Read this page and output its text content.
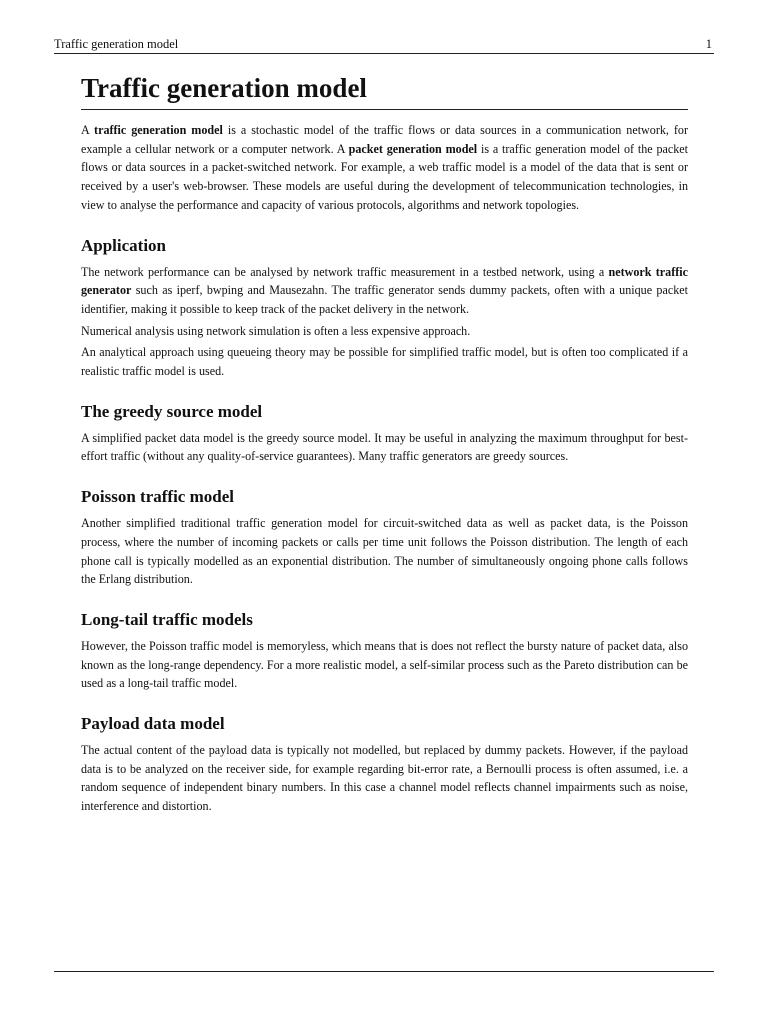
Traffic generation model	1
Traffic generation model

A traffic generation model is a stochastic model of the traffic flows or data sources in a communication network, for example a cellular network or a computer network. A packet generation model is a traffic generation model of the packet flows or data sources in a packet-switched network. For example, a web traffic model is a model of the data that is sent or received by a user's web-browser. These models are useful during the development of telecommunication technologies, in view to analyse the performance and capacity of various protocols, algorithms and network topologies.

Application

The network performance can be analysed by network traffic measurement in a testbed network, using a network traffic generator such as iperf, bwping and Mausezahn. The traffic generator sends dummy packets, often with a unique packet identifier, making it possible to keep track of the packet delivery in the network.

Numerical analysis using network simulation is often a less expensive approach.

An analytical approach using queueing theory may be possible for simplified traffic model, but is often too complicated if a realistic traffic model is used.

The greedy source model

A simplified packet data model is the greedy source model. It may be useful in analyzing the maximum throughput for best-effort traffic (without any quality-of-service guarantees). Many traffic generators are greedy sources.

Poisson traffic model

Another simplified traditional traffic generation model for circuit-switched data as well as packet data, is the Poisson process, where the number of incoming packets or calls per time unit follows the Poisson distribution. The length of each phone call is typically modelled as an exponential distribution. The number of simultaneously ongoing phone calls follows the Erlang distribution.

Long-tail traffic models

However, the Poisson traffic model is memoryless, which means that is does not reflect the bursty nature of packet data, also known as the long-range dependency. For a more realistic model, a self-similar process such as the Pareto distribution can be used as a long-tail traffic model.

Payload data model

The actual content of the payload data is typically not modelled, but replaced by dummy packets. However, if the payload data is to be analyzed on the receiver side, for example regarding bit-error rate, a Bernoulli process is often assumed, i.e. a random sequence of independent binary numbers. In this case a channel model reflects channel impairments such as noise, interference and distortion.
